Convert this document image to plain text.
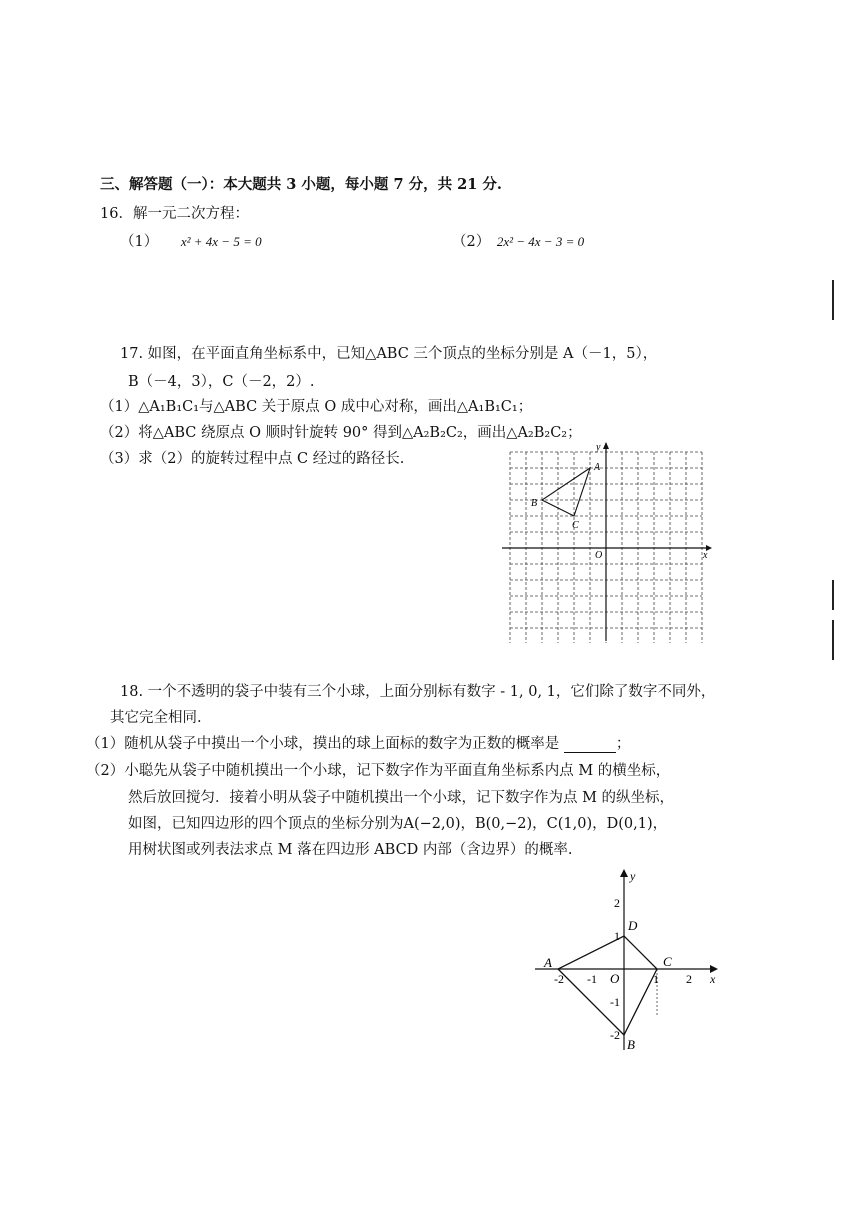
三、解答题（一）：本大题共 3 小题，每小题 7 分，共 21 分.
16．解一元二次方程：
（1） x² + 4x − 5 = 0	（2） 2x² − 4x − 3 = 0
17. 如图，在平面直角坐标系中，已知△ABC 三个顶点的坐标分别是 A（－1，5），
B（－4，3），C（－2，2）.
（1）△A₁B₁C₁与△ABC 关于原点 O 成中心对称，画出△A₁B₁C₁；
（2）将△ABC 绕原点 O 顺时针旋转 90° 得到△A₂B₂C₂，画出△A₂B₂C₂；
（3）求（2）的旋转过程中点 C 经过的路径长.
x
y
O
A
B
C
18. 一个不透明的袋子中装有三个小球，上面分别标有数字 - 1, 0, 1，它们除了数字不同外，
其它完全相同.
（1）随机从袋子中摸出一个小球，摸出的球上面标的数字为正数的概率是	；
（2）小聪先从袋子中随机摸出一个小球，记下数字作为平面直角坐标系内点 M 的横坐标，
然后放回搅匀．接着小明从袋子中随机摸出一个小球，记下数字作为点 M 的纵坐标，
如图，已知四边形的四个顶点的坐标分别为A(−2,0)，B(0,−2)，C(1,0)，D(0,1)，
用树状图或列表法求点 M 落在四边形 ABCD 内部（含边界）的概率.
x
y
O
-2 -1	1 2
2
1
-1
-2
A
B
C
D
